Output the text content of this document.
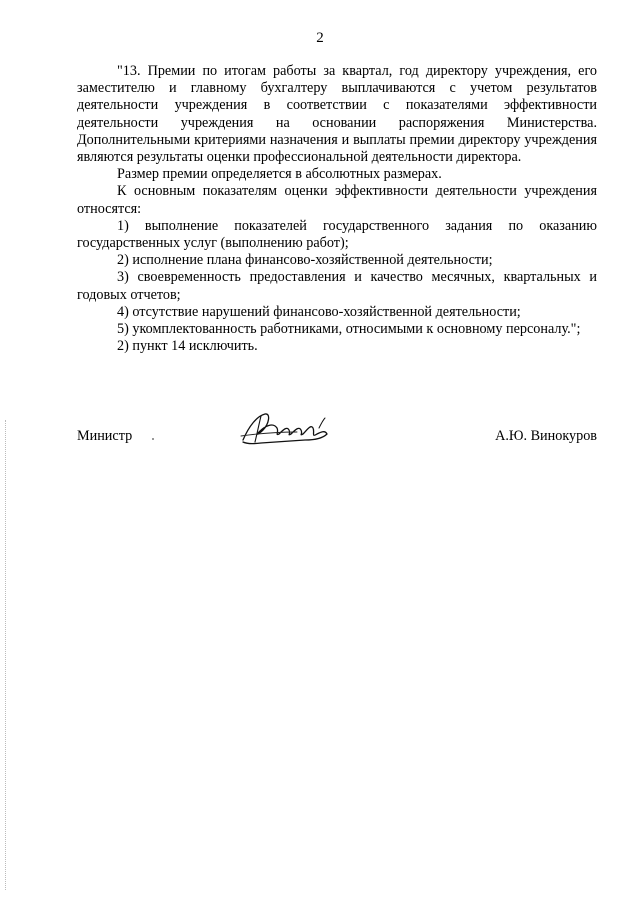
2

"13. Премии по итогам работы за квартал, год директору учреждения, его заместителю и главному бухгалтеру выплачиваются с учетом результатов деятельности учреждения в соответствии с показателями эффективности деятельности учреждения на основании распоряжения Министерства. Дополнительными критериями назначения и выплаты премии директору учреждения являются результаты оценки профессиональной деятельности директора.

Размер премии определяется в абсолютных размерах.

К основным показателям оценки эффективности деятельности учреждения относятся:

1) выполнение показателей государственного задания по оказанию государственных услуг (выполнению работ);

2) исполнение плана финансово-хозяйственной деятельности;

3) своевременность предоставления и качество месячных, квартальных и годовых отчетов;

4) отсутствие нарушений финансово-хозяйственной деятельности;

5) укомплектованность работниками, относимыми к основному персоналу.";

2) пункт 14 исключить.

Министр	А.Ю. Винокуров
